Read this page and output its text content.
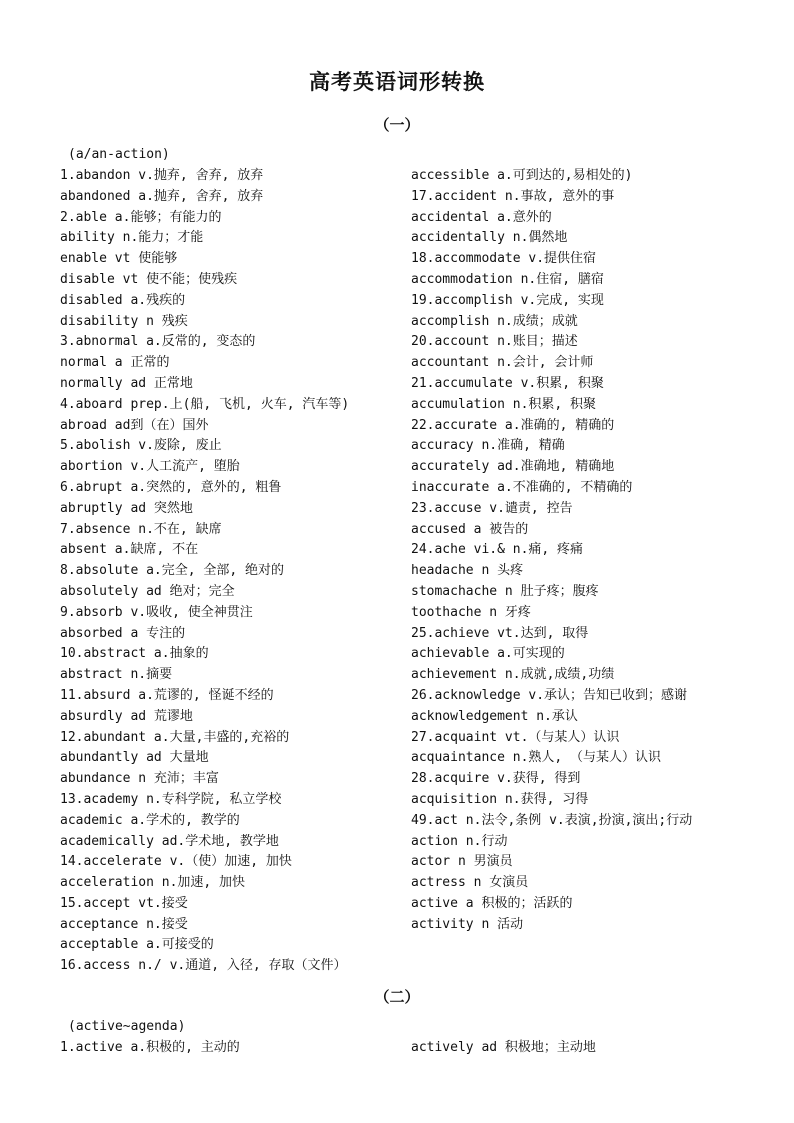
高考英语词形转换
（一）
(a/an-action)
1.abandon v.抛弃, 舍弃, 放弃
abandoned a.抛弃, 舍弃, 放弃
2.able a.能够；有能力的
ability n.能力；才能
enable vt 使能够
disable vt 使不能；使残疾
disabled a.残疾的
disability n 残疾
3.abnormal a.反常的, 变态的
normal a 正常的
normally ad 正常地
4.aboard prep.上(船, 飞机, 火车, 汽车等)
abroad ad到（在）国外
5.abolish v.废除, 废止
abortion v.人工流产, 堕胎
6.abrupt a.突然的, 意外的, 粗鲁
abruptly ad 突然地
7.absence n.不在, 缺席
absent a.缺席, 不在
8.absolute a.完全, 全部, 绝对的
absolutely ad 绝对；完全
9.absorb v.吸收, 使全神贯注
absorbed a 专注的
10.abstract a.抽象的
abstract n.摘要
11.absurd a.荒谬的, 怪诞不经的
absurdly ad 荒谬地
12.abundant a.大量,丰盛的,充裕的
abundantly ad 大量地
abundance n 充沛；丰富
13.academy n.专科学院, 私立学校
academic a.学术的, 教学的
academically ad.学术地, 教学地
14.accelerate v.（使）加速, 加快
acceleration n.加速, 加快
15.accept vt.接受
acceptance n.接受
acceptable a.可接受的
16.access n./ v.通道, 入径, 存取（文件）
accessible a.可到达的,易相处的)
17.accident n.事故, 意外的事
accidental a.意外的
accidentally n.偶然地
18.accommodate v.提供住宿
accommodation n.住宿, 膳宿
19.accomplish v.完成, 实现
accomplish n.成绩；成就
20.account n.账目；描述
accountant n.会计, 会计师
21.accumulate v.积累, 积聚
accumulation n.积累, 积聚
22.accurate a.准确的, 精确的
accuracy n.准确, 精确
accurately ad.准确地, 精确地
inaccurate a.不准确的, 不精确的
23.accuse v.谴责, 控告
accused a 被告的
24.ache vi.& n.痛, 疼痛
headache n 头疼
stomachache n 肚子疼；腹疼
toothache n 牙疼
25.achieve vt.达到, 取得
achievable a.可实现的
achievement n.成就,成绩,功绩
26.acknowledge v.承认；告知已收到；感谢
acknowledgement n.承认
27.acquaint vt.（与某人）认识
acquaintance n.熟人, （与某人）认识
28.acquire v.获得, 得到
acquisition n.获得, 习得
49.act n.法令,条例 v.表演,扮演,演出;行动
action n.行动
actor n 男演员
actress n 女演员
active a 积极的；活跃的
activity n 活动
（二）
(active~agenda)
1.active a.积极的, 主动的	actively ad 积极地；主动地
